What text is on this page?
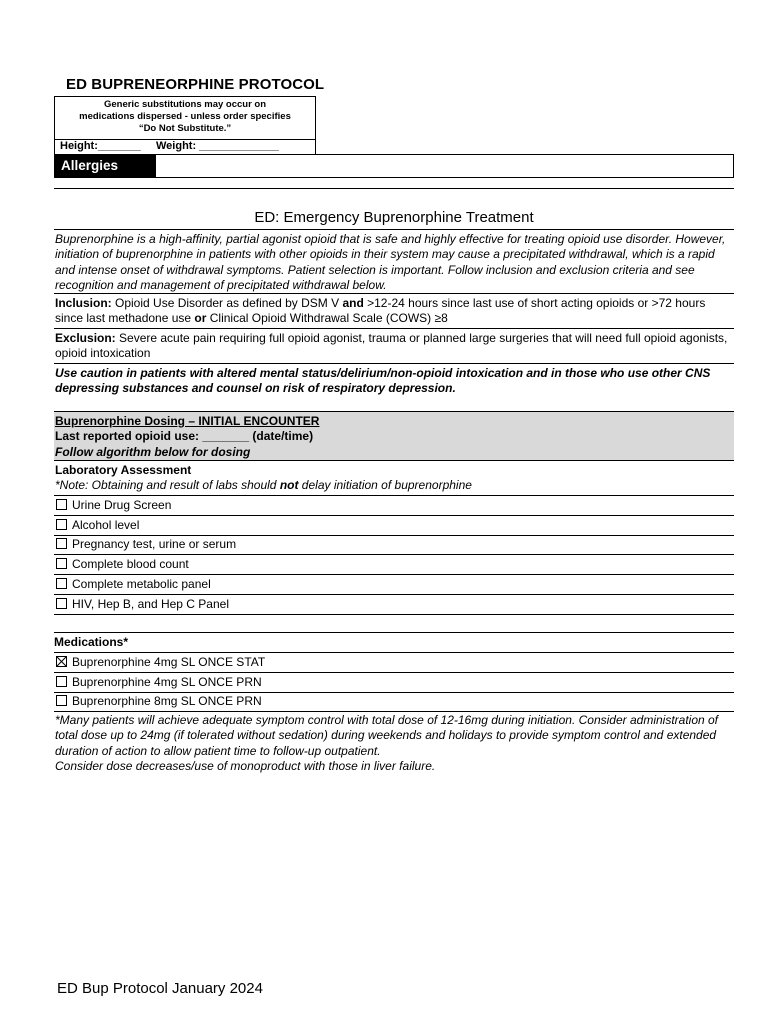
ED BUPRENEORPHINE PROTOCOL
Generic substitutions may occur on
medications dispersed - unless order specifies
“Do Not Substitute.”
Height:_______     Weight: _____________
Allergies
ED: Emergency Buprenorphine Treatment
Buprenorphine is a high-affinity, partial agonist opioid that is safe and highly effective for treating opioid use disorder. However, initiation of buprenorphine in patients with other opioids in their system may cause a precipitated withdrawal, which is a rapid and intense onset of withdrawal symptoms. Patient selection is important. Follow inclusion and exclusion criteria and see recognition and management of precipitated withdrawal below.
Inclusion: Opioid Use Disorder as defined by DSM V and >12-24 hours since last use of short acting opioids or >72 hours since last methadone use or Clinical Opioid Withdrawal Scale (COWS) ≥8
Exclusion: Severe acute pain requiring full opioid agonist, trauma or planned large surgeries that will need full opioid agonists, opioid intoxication
Use caution in patients with altered mental status/delirium/non-opioid intoxication and in those who use other CNS depressing substances and counsel on risk of respiratory depression.
Buprenorphine Dosing – INITIAL ENCOUNTER
Last reported opioid use: _______ (date/time)
Follow algorithm below for dosing
Laboratory Assessment
*Note: Obtaining and result of labs should not delay initiation of buprenorphine
Urine Drug Screen
Alcohol level
Pregnancy test, urine or serum
Complete blood count
Complete metabolic panel
HIV, Hep B, and Hep C Panel
Medications*
Buprenorphine 4mg SL ONCE STAT
Buprenorphine 4mg SL ONCE PRN
Buprenorphine 8mg SL ONCE PRN
*Many patients will achieve adequate symptom control with total dose of 12-16mg during initiation. Consider administration of total dose up to 24mg (if tolerated without sedation) during weekends and holidays to provide symptom control and extended duration of action to allow patient time to follow-up outpatient.
Consider dose decreases/use of monoproduct with those in liver failure.
ED Bup Protocol January 2024
